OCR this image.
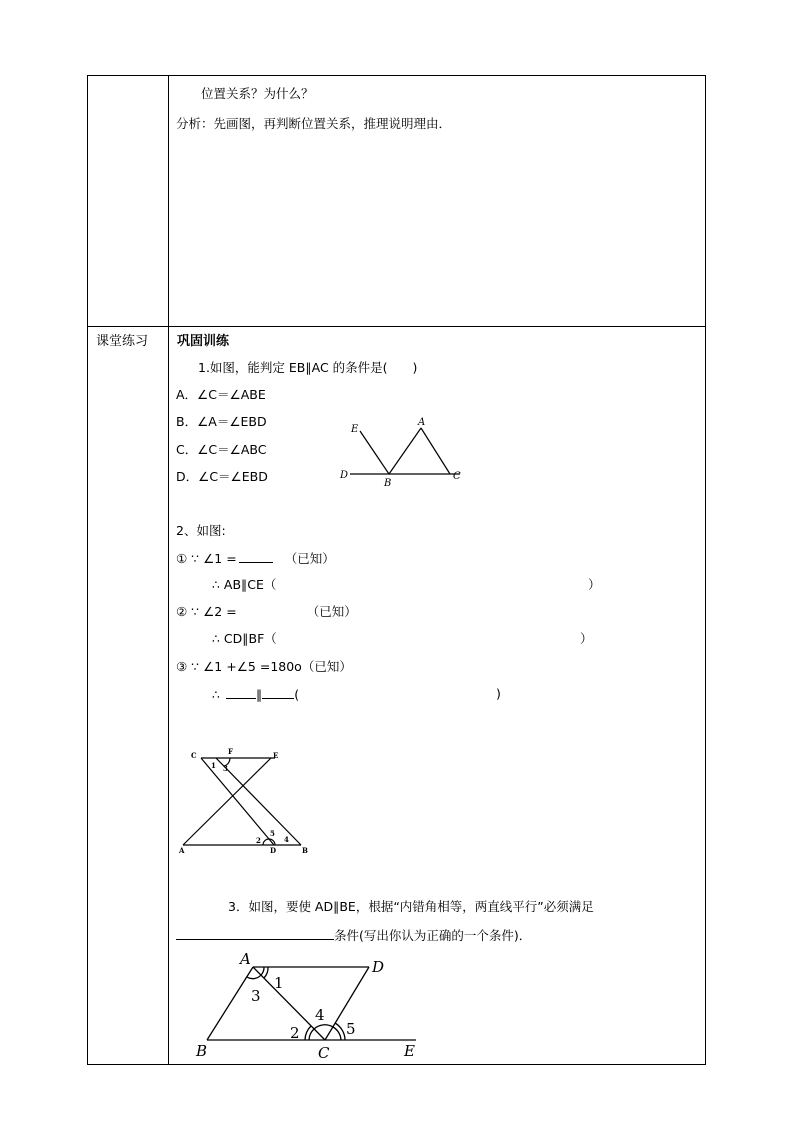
位置关系？为什么？
分析：先画图，再判断位置关系，推理说明理由．
课堂练习 巩固训练
1.如图，能判定 EB∥AC 的条件是(　　)
A．∠C＝∠ABE
B．∠A＝∠EBD
C．∠C＝∠ABC
D．∠C＝∠EBD
E
A
D
B
C
2、如图:
① ∵ ∠1 =	（已知）
∴ AB∥CE（	）
② ∵ ∠2 =	（已知）
∴ CD∥BF（	）
③ ∵ ∠1 +∠5 =180o（已知）
∴	∥	(	)
C	F	E
1 3
5
2	4
A	D	B
3．如图，要使 AD∥BE，根据“内错角相等，两直线平行”必须满足
条件(写出你认为正确的一个条件)．
A	D
1
3
4
2	5
B	C	E
